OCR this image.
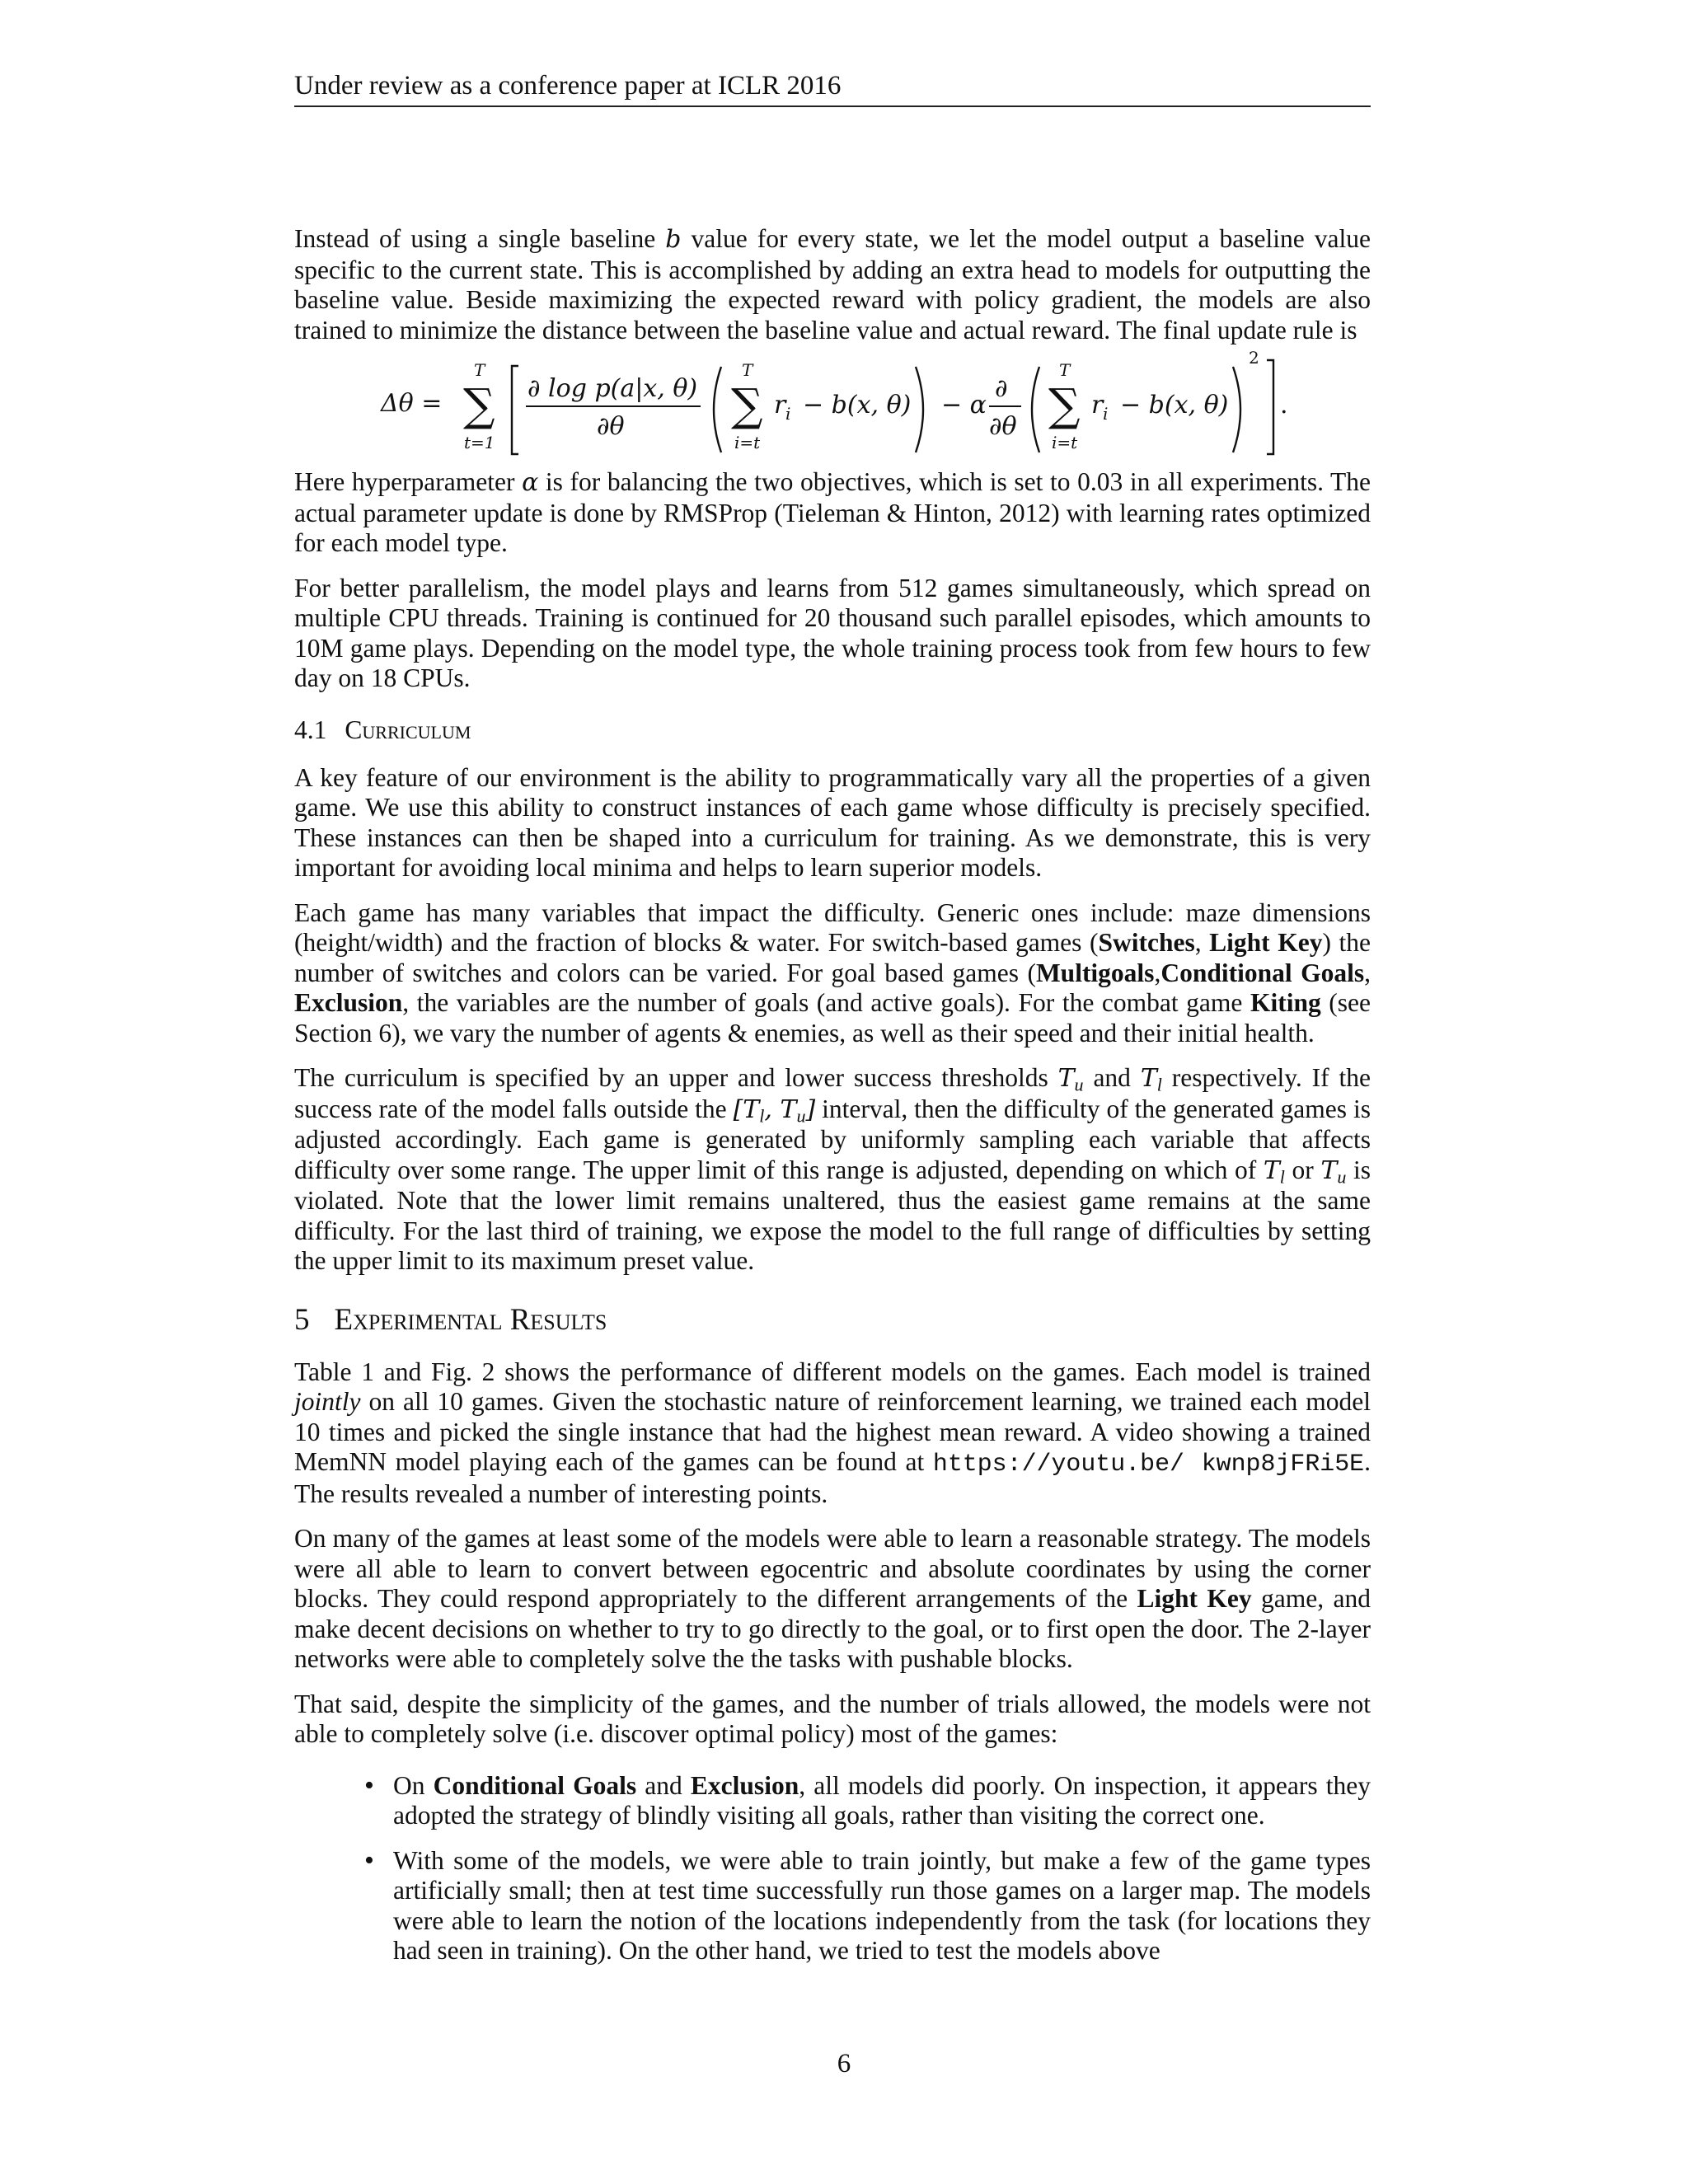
Under review as a conference paper at ICLR 2016

Instead of using a single baseline b value for every state, we let the model output a baseline value specific to the current state. This is accomplished by adding an extra head to models for outputting the baseline value. Beside maximizing the expected reward with policy gradient, the models are also trained to minimize the distance between the baseline value and actual reward. The final update rule is

Δθ = ∑
T
t=1
∂ log p(a|x, θ)
∂θ ∑
T
i=t
r i − b(x, θ) − α
∂
∂θ ∑
T
i=t
r i − b(x, θ)
2
.

Here hyperparameter α is for balancing the two objectives, which is set to 0.03 in all experiments. The actual parameter update is done by RMSProp (Tieleman & Hinton, 2012) with learning rates optimized for each model type.

For better parallelism, the model plays and learns from 512 games simultaneously, which spread on multiple CPU threads. Training is continued for 20 thousand such parallel episodes, which amounts to 10M game plays. Depending on the model type, the whole training process took from few hours to few day on 18 CPUs.

4.1 Curriculum

A key feature of our environment is the ability to programmatically vary all the properties of a given game. We use this ability to construct instances of each game whose difficulty is precisely specified. These instances can then be shaped into a curriculum for training. As we demonstrate, this is very important for avoiding local minima and helps to learn superior models.

Each game has many variables that impact the difficulty. Generic ones include: maze dimensions (height/width) and the fraction of blocks & water. For switch-based games (Switches, Light Key) the number of switches and colors can be varied. For goal based games (Multigoals,Conditional Goals, Exclusion, the variables are the number of goals (and active goals). For the combat game Kiting (see Section 6), we vary the number of agents & enemies, as well as their speed and their initial health.

The curriculum is specified by an upper and lower success thresholds $T_u$ and $T_l$ respectively. If the success rate of the model falls outside the [$T_l$, $T_u$] interval, then the difficulty of the generated games is adjusted accordingly. Each game is generated by uniformly sampling each variable that affects difficulty over some range. The upper limit of this range is adjusted, depending on which of $T_l$ or $T_u$ is violated. Note that the lower limit remains unaltered, thus the easiest game remains at the same difficulty. For the last third of training, we expose the model to the full range of difficulties by setting the upper limit to its maximum preset value.

5 Experimental Results

Table 1 and Fig. 2 shows the performance of different models on the games. Each model is trained jointly on all 10 games. Given the stochastic nature of reinforcement learning, we trained each model 10 times and picked the single instance that had the highest mean reward. A video showing a trained MemNN model playing each of the games can be found at https://youtu.be/ kwnp8jFRi5E. The results revealed a number of interesting points.

On many of the games at least some of the models were able to learn a reasonable strategy. The models were all able to learn to convert between egocentric and absolute coordinates by using the corner blocks. They could respond appropriately to the different arrangements of the Light Key game, and make decent decisions on whether to try to go directly to the goal, or to first open the door. The 2-layer networks were able to completely solve the the tasks with pushable blocks.

That said, despite the simplicity of the games, and the number of trials allowed, the models were not able to completely solve (i.e. discover optimal policy) most of the games:

• On Conditional Goals and Exclusion, all models did poorly. On inspection, it appears they adopted the strategy of blindly visiting all goals, rather than visiting the correct one.
• With some of the models, we were able to train jointly, but make a few of the game types artificially small; then at test time successfully run those games on a larger map. The models were able to learn the notion of the locations independently from the task (for locations they had seen in training). On the other hand, we tried to test the models above
6
